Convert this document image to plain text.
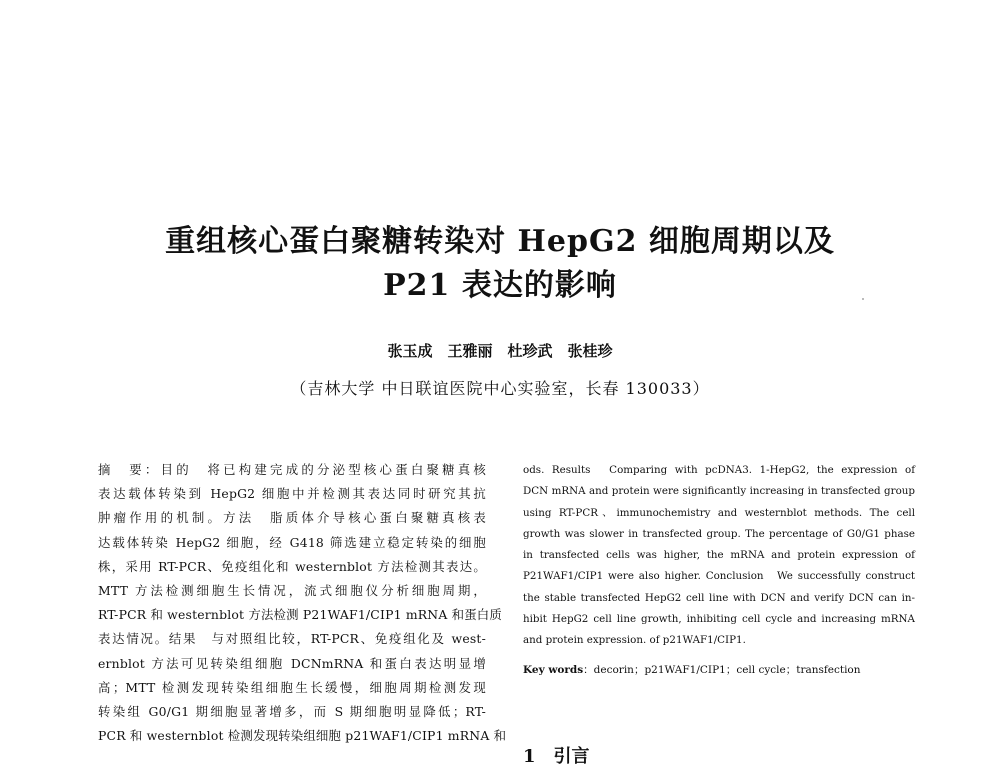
重组核心蛋白聚糖转染对 HepG2 细胞周期以及
P21 表达的影响
张玉成　王雅丽　杜珍武　张桂珍
（吉林大学 中日联谊医院中心实验室，长春 130033）
摘　要：目的　将已构建完成的分泌型核心蛋白聚糖真核
表达载体转染到 HepG2 细胞中并检测其表达同时研究其抗
肿瘤作用的机制。方法　脂质体介导核心蛋白聚糖真核表
达载体转染 HepG2 细胞，经 G418 筛选建立稳定转染的细胞
株，采用 RT-PCR、免疫组化和 westernblot 方法检测其表达。
MTT 方法检测细胞生长情况，流式细胞仪分析细胞周期，
RT-PCR 和 westernblot 方法检测 P21WAF1/CIP1 mRNA 和蛋白质
表达情况。结果　与对照组比较，RT-PCR、免疫组化及 west-
ernblot 方法可见转染组细胞 DCNmRNA 和蛋白表达明显增
高；MTT 检测发现转染组细胞生长缓慢，细胞周期检测发现
转染组 G0/G1 期细胞显著增多，而 S 期细胞明显降低；RT-
PCR 和 westernblot 检测发现转染组细胞 p21WAF1/CIP1 mRNA 和
ods. Results　Comparing with pcDNA3. 1-HepG2, the expression of
DCN mRNA and protein were significantly increasing in transfected group
using RT-PCR、immunochemistry and westernblot methods. The cell
growth was slower in transfected group. The percentage of G0/G1 phase
in transfected cells was higher, the mRNA and protein expression of
P21WAF1/CIP1 were also higher. Conclusion　We successfully construct
the stable transfected HepG2 cell line with DCN and verify DCN can in-
hibit HepG2 cell line growth, inhibiting cell cycle and increasing mRNA
and protein expression. of p21WAF1/CIP1.
Key words：decorin；p21WAF1/CIP1；cell cycle；transfection
1　引言
